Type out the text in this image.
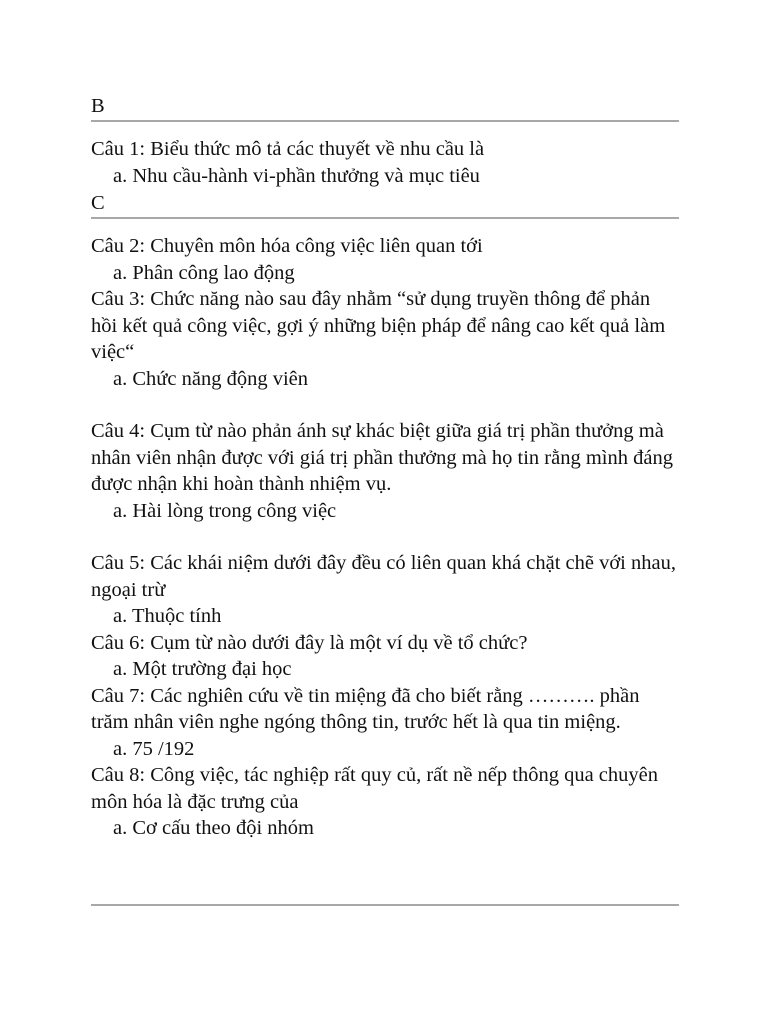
B
Câu 1: Biểu thức mô tả các thuyết về nhu cầu là
a. Nhu cầu-hành vi-phần thưởng và mục tiêu
C
Câu 2: Chuyên môn hóa công việc liên quan tới
a. Phân công lao động
Câu 3: Chức năng nào sau đây nhằm “sử dụng truyền thông để phản hồi kết quả công việc, gợi ý những biện pháp để nâng cao kết quả làm việc“
a. Chức năng động viên
Câu 4: Cụm từ nào phản ánh sự khác biệt giữa giá trị phần thưởng mà nhân viên nhận được với giá trị phần thưởng mà họ tin rằng mình đáng được nhận khi hoàn thành nhiệm vụ.
a. Hài lòng trong công việc
Câu 5: Các khái niệm dưới đây đều có liên quan khá chặt chẽ với nhau, ngoại trừ
a. Thuộc tính
Câu 6: Cụm từ nào dưới đây là một ví dụ về tổ chức?
a. Một trường đại học
Câu 7: Các nghiên cứu về tin miệng đã cho biết rằng ………. phần trăm nhân viên nghe ngóng thông tin, trước hết là qua tin miệng.
a. 75 /192
Câu 8: Công việc, tác nghiệp rất quy củ, rất nề nếp thông qua chuyên môn hóa là đặc trưng của
a. Cơ cấu theo đội nhóm
